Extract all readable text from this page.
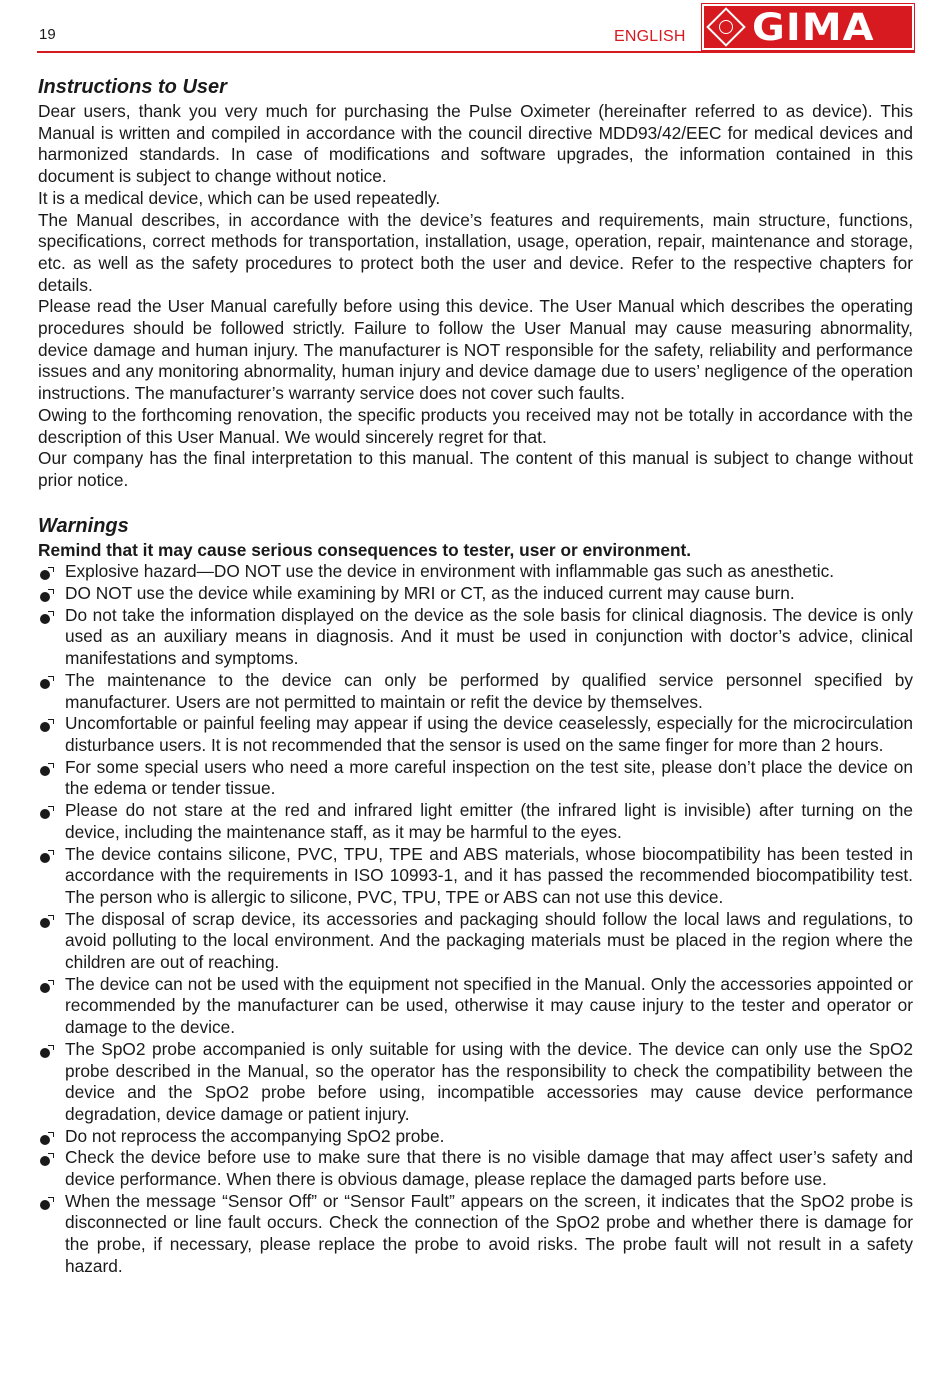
19	ENGLISH GIMA
Instructions to User

Dear users, thank you very much for purchasing the Pulse Oximeter (hereinafter referred to as device). This Manual is written and compiled in accordance with the council directive MDD93/42/EEC for medical devices and harmonized standards. In case of modifications and software upgrades, the information contained in this document is subject to change without notice.

It is a medical device, which can be used repeatedly.

The Manual describes, in accordance with the device’s features and requirements, main structure, functions, specifications, correct methods for transportation, installation, usage, operation, repair, maintenance and storage, etc. as well as the safety procedures to protect both the user and device. Refer to the respective chapters for details.

Please read the User Manual carefully before using this device. The User Manual which describes the operating procedures should be followed strictly. Failure to follow the User Manual may cause measuring abnormality, device damage and human injury. The manufacturer is NOT responsible for the safety, reliability and performance issues and any monitoring abnormality, human injury and device damage due to users’ negligence of the operation instructions. The manufacturer’s warranty service does not cover such faults.

Owing to the forthcoming renovation, the specific products you received may not be totally in accordance with the description of this User Manual. We would sincerely regret for that.

Our company has the final interpretation to this manual. The content of this manual is subject to change without prior notice.

Warnings

Remind that it may cause serious consequences to tester, user or environment.

Explosive hazard—DO NOT use the device in environment with inflammable gas such as anesthetic.
DO NOT use the device while examining by MRI or CT, as the induced current may cause burn.
Do not take the information displayed on the device as the sole basis for clinical diagnosis. The device is only used as an auxiliary means in diagnosis. And it must be used in conjunction with doctor’s advice, clinical manifestations and symptoms.
The maintenance to the device can only be performed by qualified service personnel specified by manufacturer. Users are not permitted to maintain or refit the device by themselves.
Uncomfortable or painful feeling may appear if using the device ceaselessly, especially for the microcirculation disturbance users. It is not recommended that the sensor is used on the same finger for more than 2 hours.
For some special users who need a more careful inspection on the test site, please don’t place the device on the edema or tender tissue.
Please do not stare at the red and infrared light emitter (the infrared light is invisible) after turning on the device, including the maintenance staff, as it may be harmful to the eyes.
The device contains silicone, PVC, TPU, TPE and ABS materials, whose biocompatibility has been tested in accordance with the requirements in ISO 10993-1, and it has passed the recommended biocompatibility test. The person who is allergic to silicone, PVC, TPU, TPE or ABS can not use this device.
The disposal of scrap device, its accessories and packaging should follow the local laws and regulations, to avoid polluting to the local environment. And the packaging materials must be placed in the region where the children are out of reaching.
The device can not be used with the equipment not specified in the Manual. Only the accessories appointed or recommended by the manufacturer can be used, otherwise it may cause injury to the tester and operator or damage to the device.
The SpO2 probe accompanied is only suitable for using with the device. The device can only use the SpO2 probe described in the Manual, so the operator has the responsibility to check the compatibility between the device and the SpO2 probe before using, incompatible accessories may cause device performance degradation, device damage or patient injury.
Do not reprocess the accompanying SpO2 probe.
Check the device before use to make sure that there is no visible damage that may affect user’s safety and device performance. When there is obvious damage, please replace the damaged parts before use.
When the message “Sensor Off” or “Sensor Fault” appears on the screen, it indicates that the SpO2 probe is disconnected or line fault occurs. Check the connection of the SpO2 probe and whether there is damage for the probe, if necessary, please replace the probe to avoid risks. The probe fault will not result in a safety hazard.
